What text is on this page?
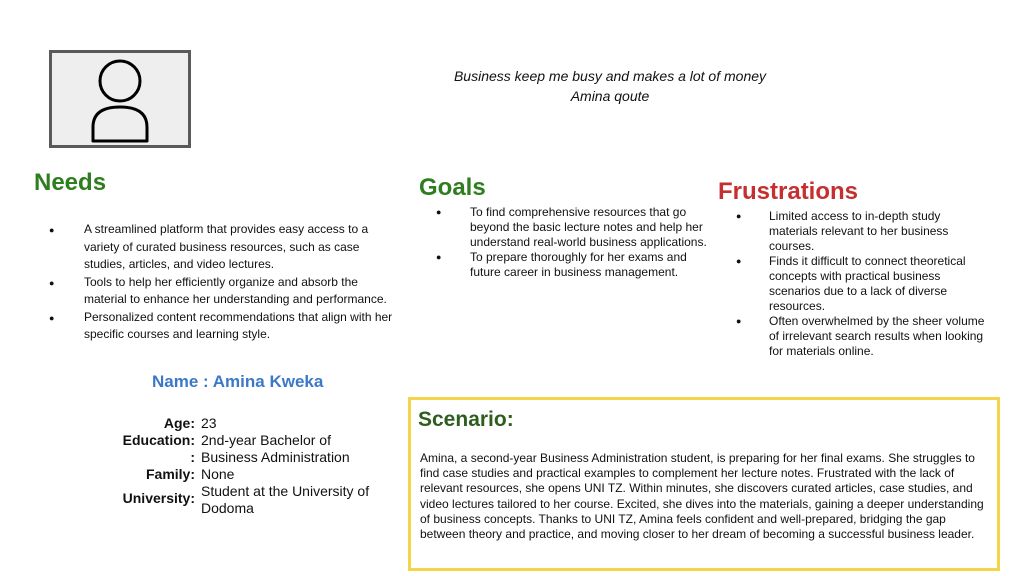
Business keep me busy and makes a lot of money
Amina qoute
Needs
● A streamlined platform that provides easy access to a variety of curated business resources, such as case studies, articles, and video lectures.
● Tools to help her efficiently organize and absorb the material to enhance her understanding and performance.
● Personalized content recommendations that align with her specific courses and learning style.
Goals
● To find comprehensive resources that go beyond the basic lecture notes and help her understand real-world business applications.
● To prepare thoroughly for her exams and future career in business management.
Frustrations
● Limited access to in-depth study materials relevant to her business courses.
● Finds it difficult to connect theoretical concepts with practical business scenarios due to a lack of diverse resources.
● Often overwhelmed by the sheer volume of irrelevant search results when looking for materials online.
Name : Amina Kweka
Age: 23
Education:
:
2nd-year Bachelor of
Business Administration
Family: None
University: Student at the University of
Dodoma
Scenario:
Amina, a second-year Business Administration student, is preparing for her final exams. She struggles to find case studies and practical examples to complement her lecture notes. Frustrated with the lack of relevant resources, she opens UNI TZ. Within minutes, she discovers curated articles, case studies, and video lectures tailored to her course. Excited, she dives into the materials, gaining a deeper understanding of business concepts. Thanks to UNI TZ, Amina feels confident and well-prepared, bridging the gap between theory and practice, and moving closer to her dream of becoming a successful business leader.
